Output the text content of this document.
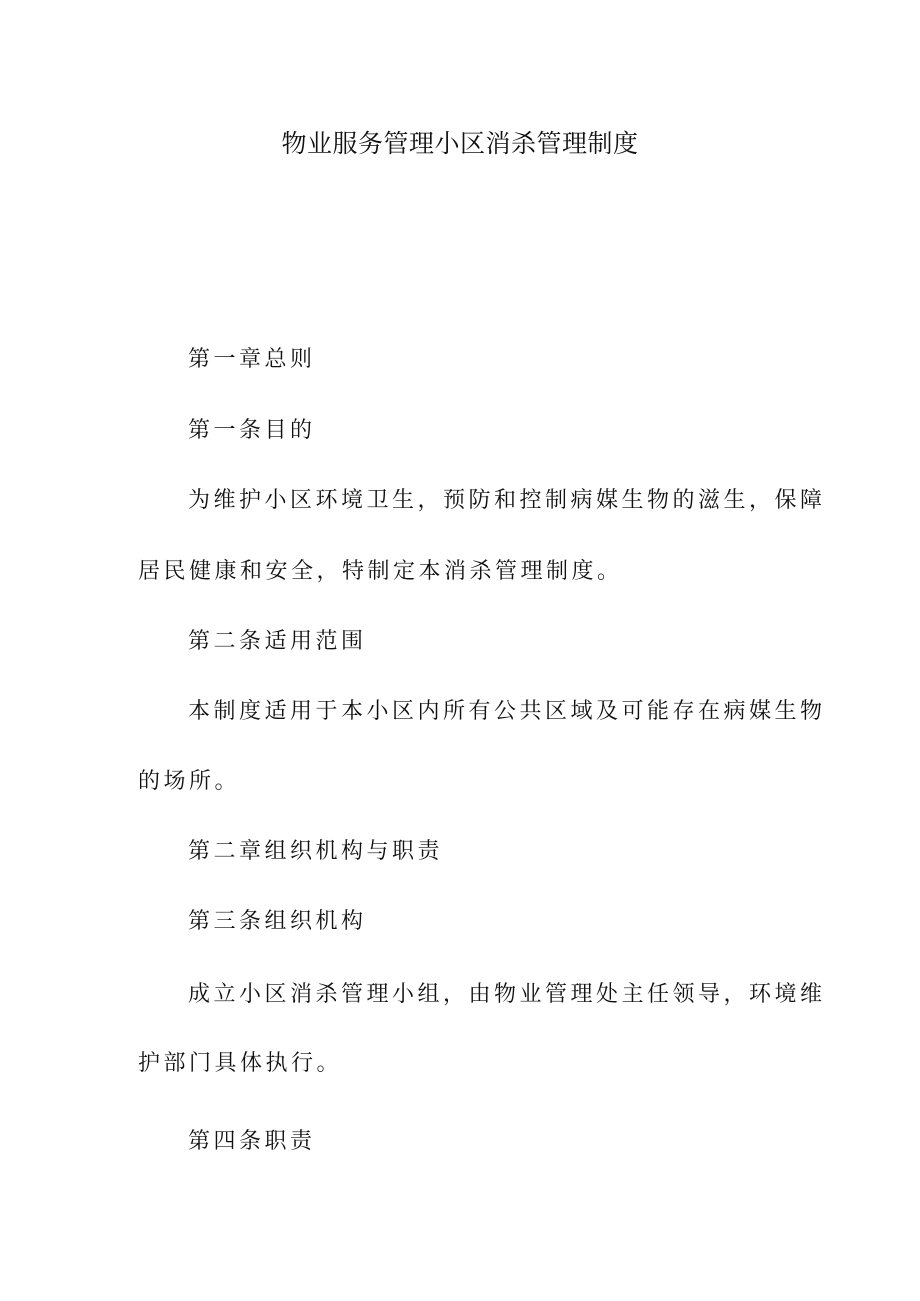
物业服务管理小区消杀管理制度

第一章总则

第一条目的

为维护小区环境卫生，预防和控制病媒生物的滋生，保障

居民健康和安全，特制定本消杀管理制度。

第二条适用范围

本制度适用于本小区内所有公共区域及可能存在病媒生物

的场所。

第二章组织机构与职责

第三条组织机构

成立小区消杀管理小组，由物业管理处主任领导，环境维

护部门具体执行。

第四条职责
